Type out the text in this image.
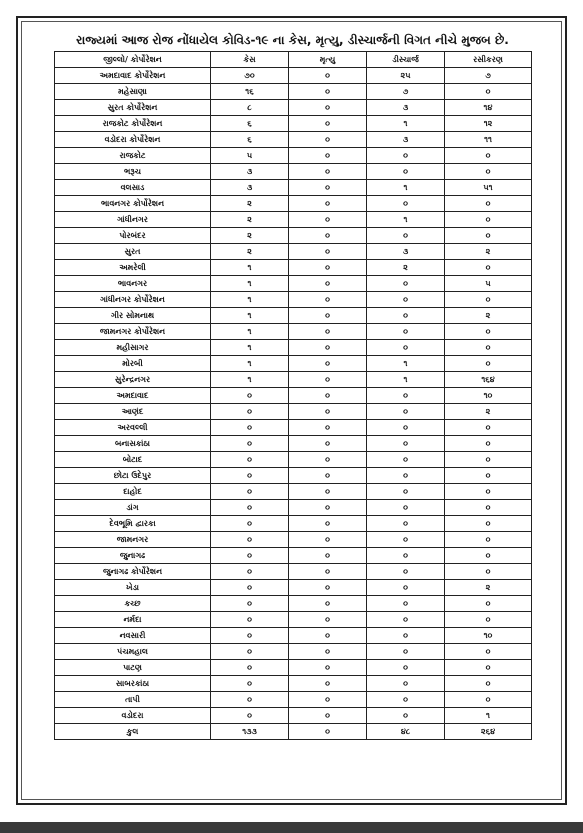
રાજ્યમાં આજ રોજ નોંધાયેલ કોવિડ-૧૯ ના કેસ, મૃત્યુ, ડીસ્ચાર્જની વિગત નીચે મુજબ છે.
જીલ્લો/ કોર્પોરેશન	કેસ	મૃત્યુ	ડીસ્ચાર્જ	રસીકરણ
અમદાવાદ કોર્પોરેશન	૭૦	૦	૨૫	૭
મહેસાણા	૧૬	૦	૭	૦
સુરત કોર્પોરેશન	૮	૦	૩	૧૪
રાજકોટ કોર્પોરેશન	૬	૦	૧	૧૨
વડોદરા કોર્પોરેશન	૬	૦	૩	૧૧
રાજકોટ	૫	૦	૦	૦
ભરૂચ	૩	૦	૦	૦
વલસાડ	૩	૦	૧	૫૧
ભાવનગર કોર્પોરેશન	૨	૦	૦	૦
ગાંધીનગર	૨	૦	૧	૦
પોરબંદર	૨	૦	૦	૦
સુરત	૨	૦	૩	૨
અમરેલી	૧	૦	૨	૦
ભાવનગર	૧	૦	૦	૫
ગાંધીનગર કોર્પોરેશન	૧	૦	૦	૦
ગીર સોમનાથ	૧	૦	૦	૨
જામનગર કોર્પોરેશન	૧	૦	૦	૦
મહીસાગર	૧	૦	૦	૦
મોરબી	૧	૦	૧	૦
સુરેન્દ્રનગર	૧	૦	૧	૧૬૪
અમદાવાદ	૦	૦	૦	૧૦
આણંદ	૦	૦	૦	૨
અરવલ્લી	૦	૦	૦	૦
બનાસકાંઠા	૦	૦	૦	૦
બોટાદ	૦	૦	૦	૦
છોટા ઉદેપુર	૦	૦	૦	૦
દાહોદ	૦	૦	૦	૦
ડાંગ	૦	૦	૦	૦
દેવભૂમિ દ્વારકા	૦	૦	૦	૦
જામનગર	૦	૦	૦	૦
જુનાગઢ	૦	૦	૦	૦
જુનાગઢ કોર્પોરેશન	૦	૦	૦	૦
ખેડા	૦	૦	૦	૨
કચ્છ	૦	૦	૦	૦
નર્મદા	૦	૦	૦	૦
નવસારી	૦	૦	૦	૧૦
પંચમહાલ	૦	૦	૦	૦
પાટણ	૦	૦	૦	૦
સાબરકાંઠા	૦	૦	૦	૦
તાપી	૦	૦	૦	૦
વડોદરા	૦	૦	૦	૧
કુલ	૧૩૩	૦	૪૮	૨૬૪
